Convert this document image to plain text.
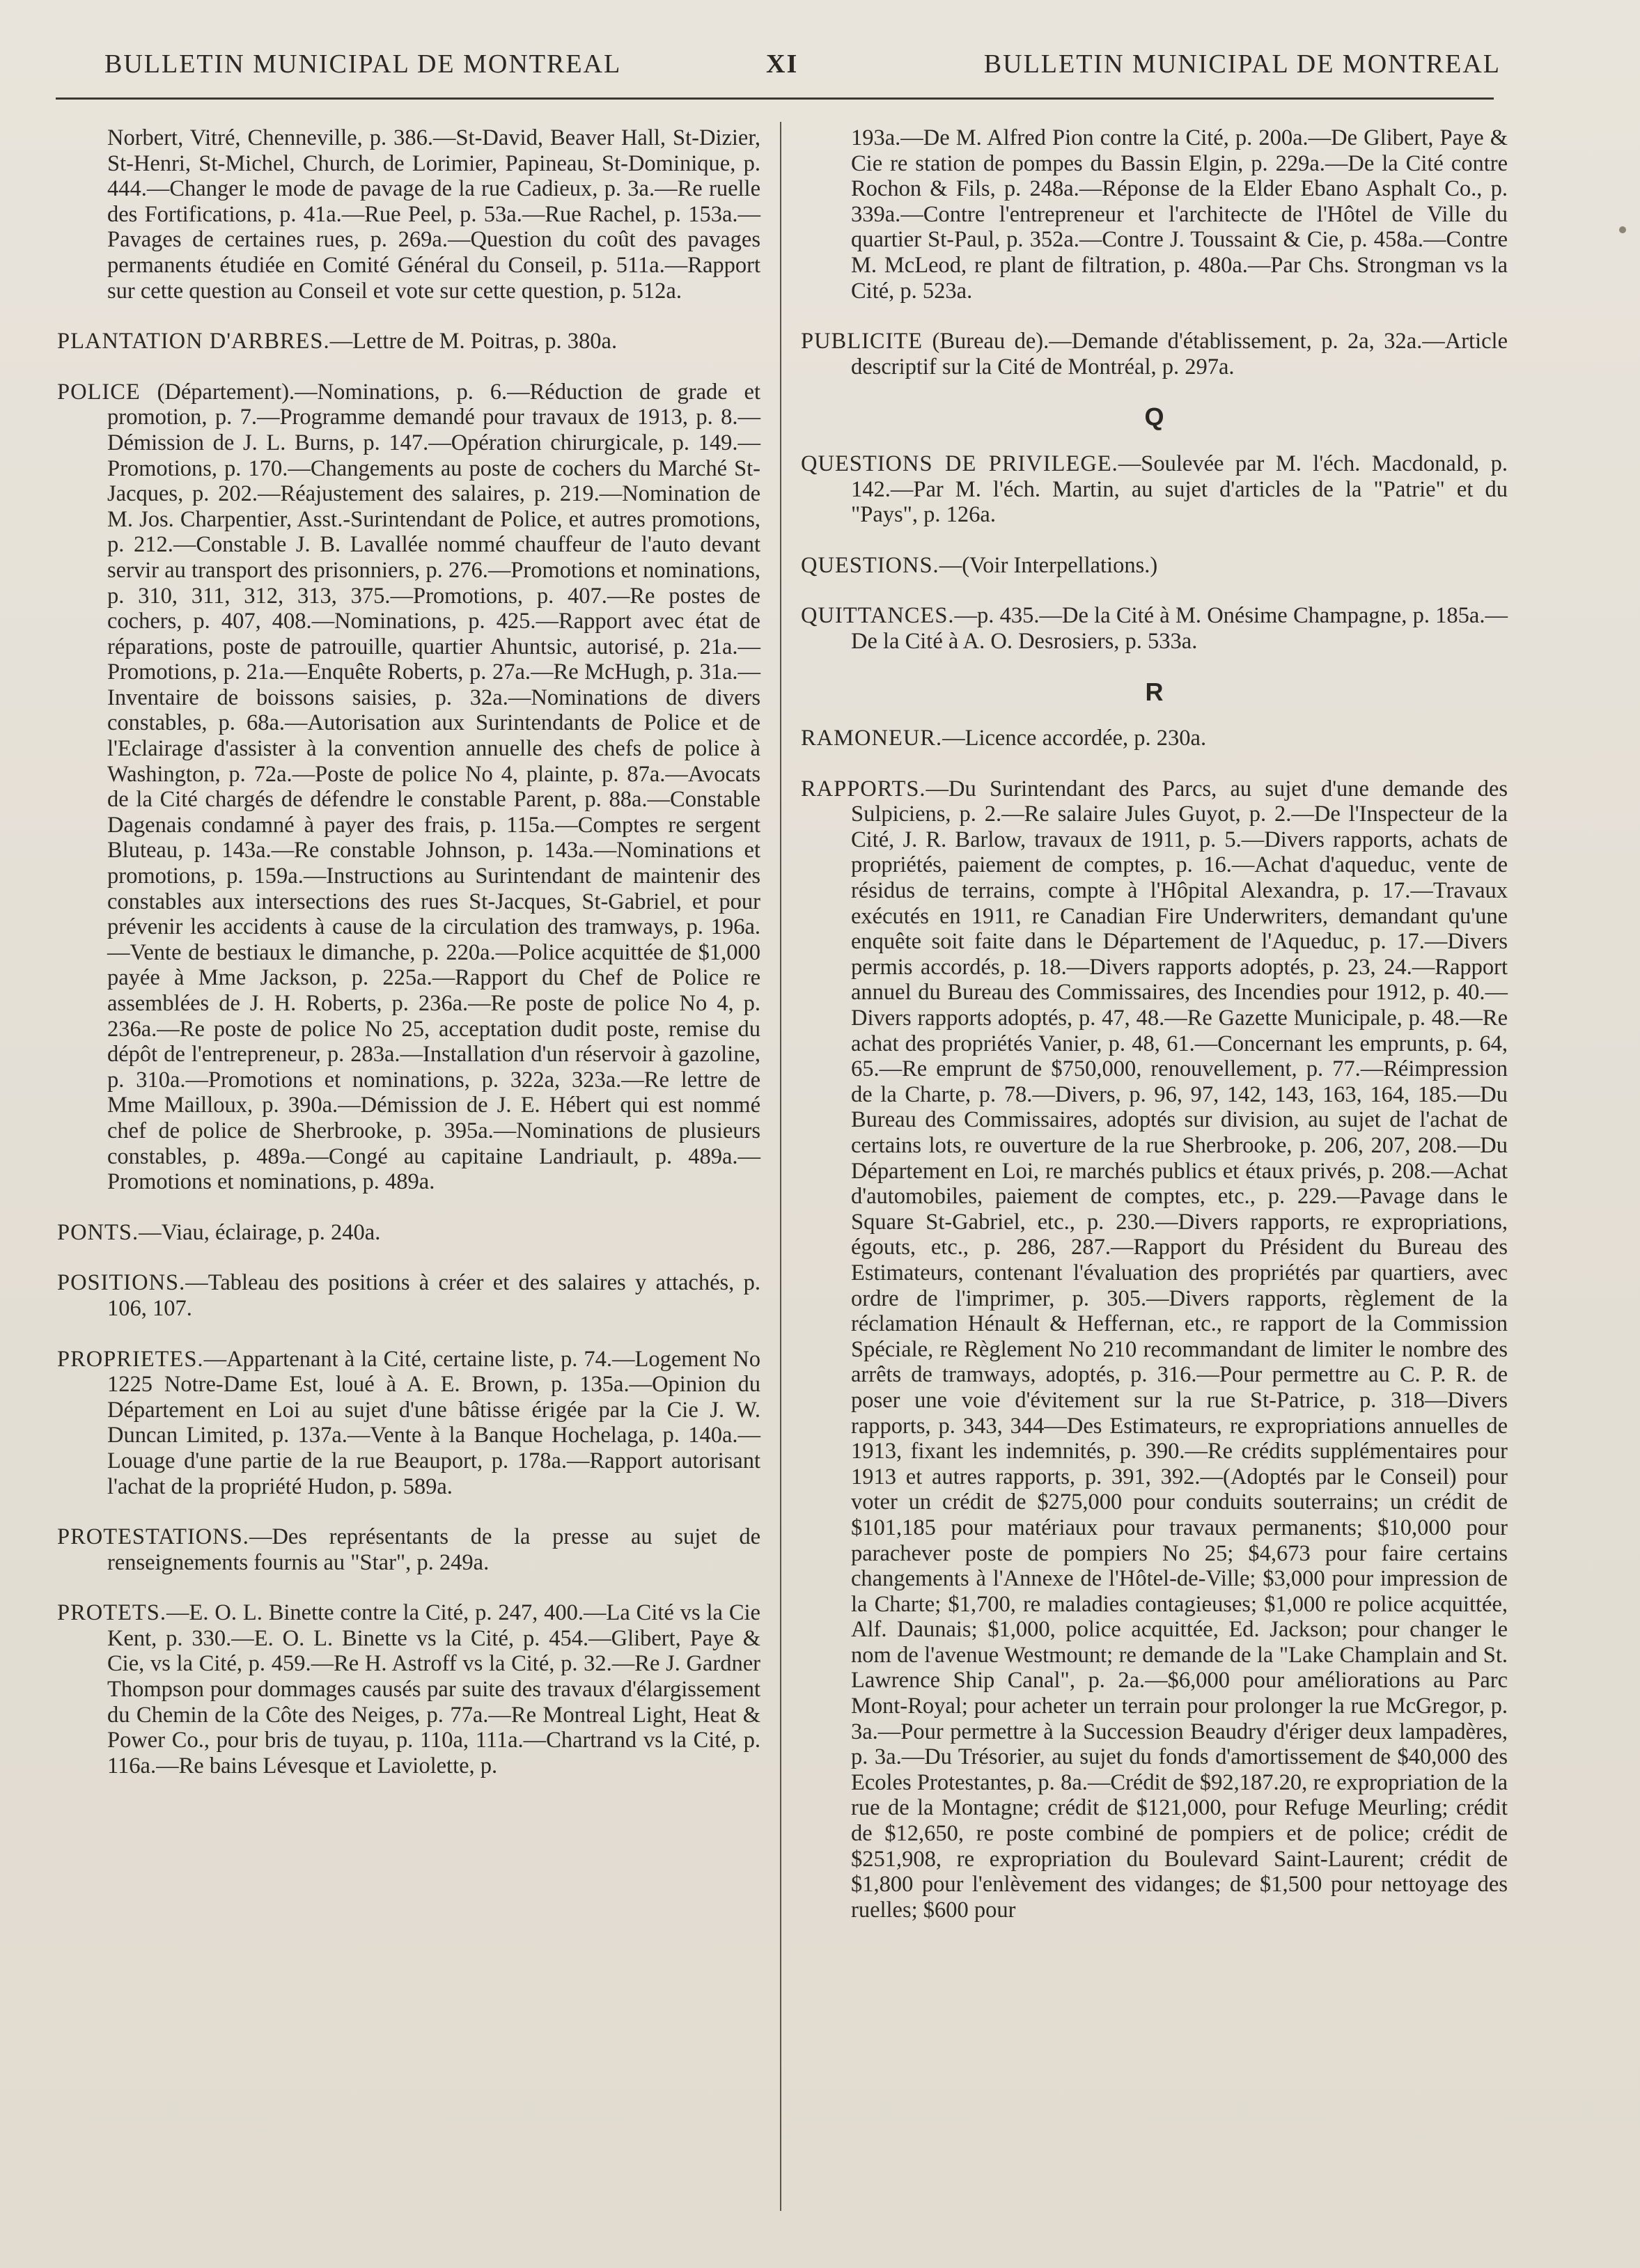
BULLETIN MUNICIPAL DE MONTREAL	XI	BULLETIN MUNICIPAL DE MONTREAL

Norbert, Vitré, Chenneville, p. 386.—St-David, Beaver Hall, St-Dizier, St-Henri, St-Michel, Church, de Lorimier, Papineau, St-Dominique, p. 444.—Changer le mode de pavage de la rue Cadieux, p. 3a.—Re ruelle des Fortifications, p. 41a.—Rue Peel, p. 53a.—Rue Rachel, p. 153a.—Pavages de certaines rues, p. 269a.—Question du coût des pavages permanents étudiée en Comité Général du Conseil, p. 511a.—Rapport sur cette question au Conseil et vote sur cette question, p. 512a.

PLANTATION D'ARBRES.—Lettre de M. Poitras, p. 380a.

POLICE (Département).—Nominations, p. 6.—Réduction de grade et promotion, p. 7.—Programme demandé pour travaux de 1913, p. 8.—Démission de J. L. Burns, p. 147.—Opération chirurgicale, p. 149.—Promotions, p. 170.—Changements au poste de cochers du Marché St-Jacques, p. 202.—Réajustement des salaires, p. 219.—Nomination de M. Jos. Charpentier, Asst.-Surintendant de Police, et autres promotions, p. 212.—Constable J. B. Lavallée nommé chauffeur de l'auto devant servir au transport des prisonniers, p. 276.—Promotions et nominations, p. 310, 311, 312, 313, 375.—Promotions, p. 407.—Re postes de cochers, p. 407, 408.—Nominations, p. 425.—Rapport avec état de réparations, poste de patrouille, quartier Ahuntsic, autorisé, p. 21a.—Promotions, p. 21a.—Enquête Roberts, p. 27a.—Re McHugh, p. 31a.—Inventaire de boissons saisies, p. 32a.—Nominations de divers constables, p. 68a.—Autorisation aux Surintendants de Police et de l'Eclairage d'assister à la convention annuelle des chefs de police à Washington, p. 72a.—Poste de police No 4, plainte, p. 87a.—Avocats de la Cité chargés de défendre le constable Parent, p. 88a.—Constable Dagenais condamné à payer des frais, p. 115a.—Comptes re sergent Bluteau, p. 143a.—Re constable Johnson, p. 143a.—Nominations et promotions, p. 159a.—Instructions au Surintendant de maintenir des constables aux intersections des rues St-Jacques, St-Gabriel, et pour prévenir les accidents à cause de la circulation des tramways, p. 196a.—Vente de bestiaux le dimanche, p. 220a.—Police acquittée de $1,000 payée à Mme Jackson, p. 225a.—Rapport du Chef de Police re assemblées de J. H. Roberts, p. 236a.—Re poste de police No 4, p. 236a.—Re poste de police No 25, acceptation dudit poste, remise du dépôt de l'entrepreneur, p. 283a.—Installation d'un réservoir à gazoline, p. 310a.—Promotions et nominations, p. 322a, 323a.—Re lettre de Mme Mailloux, p. 390a.—Démission de J. E. Hébert qui est nommé chef de police de Sherbrooke, p. 395a.—Nominations de plusieurs constables, p. 489a.—Congé au capitaine Landriault, p. 489a.—Promotions et nominations, p. 489a.

PONTS.—Viau, éclairage, p. 240a.

POSITIONS.—Tableau des positions à créer et des salaires y attachés, p. 106, 107.

PROPRIETES.—Appartenant à la Cité, certaine liste, p. 74.—Logement No 1225 Notre-Dame Est, loué à A. E. Brown, p. 135a.—Opinion du Département en Loi au sujet d'une bâtisse érigée par la Cie J. W. Duncan Limited, p. 137a.—Vente à la Banque Hochelaga, p. 140a.—Louage d'une partie de la rue Beauport, p. 178a.—Rapport autorisant l'achat de la propriété Hudon, p. 589a.

PROTESTATIONS.—Des représentants de la presse au sujet de renseignements fournis au "Star", p. 249a.

PROTETS.—E. O. L. Binette contre la Cité, p. 247, 400.—La Cité vs la Cie Kent, p. 330.—E. O. L. Binette vs la Cité, p. 454.—Glibert, Paye & Cie, vs la Cité, p. 459.—Re H. Astroff vs la Cité, p. 32.—Re J. Gardner Thompson pour dommages causés par suite des travaux d'élargissement du Chemin de la Côte des Neiges, p. 77a.—Re Montreal Light, Heat & Power Co., pour bris de tuyau, p. 110a, 111a.—Chartrand vs la Cité, p. 116a.—Re bains Lévesque et Laviolette, p.

193a.—De M. Alfred Pion contre la Cité, p. 200a.—De Glibert, Paye & Cie re station de pompes du Bassin Elgin, p. 229a.—De la Cité contre Rochon & Fils, p. 248a.—Réponse de la Elder Ebano Asphalt Co., p. 339a.—Contre l'entrepreneur et l'architecte de l'Hôtel de Ville du quartier St-Paul, p. 352a.—Contre J. Toussaint & Cie, p. 458a.—Contre M. McLeod, re plant de filtration, p. 480a.—Par Chs. Strongman vs la Cité, p. 523a.

PUBLICITE (Bureau de).—Demande d'établissement, p. 2a, 32a.—Article descriptif sur la Cité de Montréal, p. 297a.

Q

QUESTIONS DE PRIVILEGE.—Soulevée par M. l'éch. Macdonald, p. 142.—Par M. l'éch. Martin, au sujet d'articles de la "Patrie" et du "Pays", p. 126a.

QUESTIONS.—(Voir Interpellations.)

QUITTANCES.—p. 435.—De la Cité à M. Onésime Champagne, p. 185a.—De la Cité à A. O. Desrosiers, p. 533a.

R

RAMONEUR.—Licence accordée, p. 230a.

RAPPORTS.—Du Surintendant des Parcs, au sujet d'une demande des Sulpiciens, p. 2.—Re salaire Jules Guyot, p. 2.—De l'Inspecteur de la Cité, J. R. Barlow, travaux de 1911, p. 5.—Divers rapports, achats de propriétés, paiement de comptes, p. 16.—Achat d'aqueduc, vente de résidus de terrains, compte à l'Hôpital Alexandra, p. 17.—Travaux exécutés en 1911, re Canadian Fire Underwriters, demandant qu'une enquête soit faite dans le Département de l'Aqueduc, p. 17.—Divers permis accordés, p. 18.—Divers rapports adoptés, p. 23, 24.—Rapport annuel du Bureau des Commissaires, des Incendies pour 1912, p. 40.—Divers rapports adoptés, p. 47, 48.—Re Gazette Municipale, p. 48.—Re achat des propriétés Vanier, p. 48, 61.—Concernant les emprunts, p. 64, 65.—Re emprunt de $750,000, renouvellement, p. 77.—Réimpression de la Charte, p. 78.—Divers, p. 96, 97, 142, 143, 163, 164, 185.—Du Bureau des Commissaires, adoptés sur division, au sujet de l'achat de certains lots, re ouverture de la rue Sherbrooke, p. 206, 207, 208.—Du Département en Loi, re marchés publics et étaux privés, p. 208.—Achat d'automobiles, paiement de comptes, etc., p. 229.—Pavage dans le Square St-Gabriel, etc., p. 230.—Divers rapports, re expropriations, égouts, etc., p. 286, 287.—Rapport du Président du Bureau des Estimateurs, contenant l'évaluation des propriétés par quartiers, avec ordre de l'imprimer, p. 305.—Divers rapports, règlement de la réclamation Hénault & Heffernan, etc., re rapport de la Commission Spéciale, re Règlement No 210 recommandant de limiter le nombre des arrêts de tramways, adoptés, p. 316.—Pour permettre au C. P. R. de poser une voie d'évitement sur la rue St-Patrice, p. 318—Divers rapports, p. 343, 344—Des Estimateurs, re expropriations annuelles de 1913, fixant les indemnités, p. 390.—Re crédits supplémentaires pour 1913 et autres rapports, p. 391, 392.—(Adoptés par le Conseil) pour voter un crédit de $275,000 pour conduits souterrains; un crédit de $101,185 pour matériaux pour travaux permanents; $10,000 pour parachever poste de pompiers No 25; $4,673 pour faire certains changements à l'Annexe de l'Hôtel-de-Ville; $3,000 pour impression de la Charte; $1,700, re maladies contagieuses; $1,000 re police acquittée, Alf. Daunais; $1,000, police acquittée, Ed. Jackson; pour changer le nom de l'avenue Westmount; re demande de la "Lake Champlain and St. Lawrence Ship Canal", p. 2a.—$6,000 pour améliorations au Parc Mont-Royal; pour acheter un terrain pour prolonger la rue McGregor, p. 3a.—Pour permettre à la Succession Beaudry d'ériger deux lampadères, p. 3a.—Du Trésorier, au sujet du fonds d'amortissement de $40,000 des Ecoles Protestantes, p. 8a.—Crédit de $92,187.20, re expropriation de la rue de la Montagne; crédit de $121,000, pour Refuge Meurling; crédit de $12,650, re poste combiné de pompiers et de police; crédit de $251,908, re expropriation du Boulevard Saint-Laurent; crédit de $1,800 pour l'enlèvement des vidanges; de $1,500 pour nettoyage des ruelles; $600 pour
